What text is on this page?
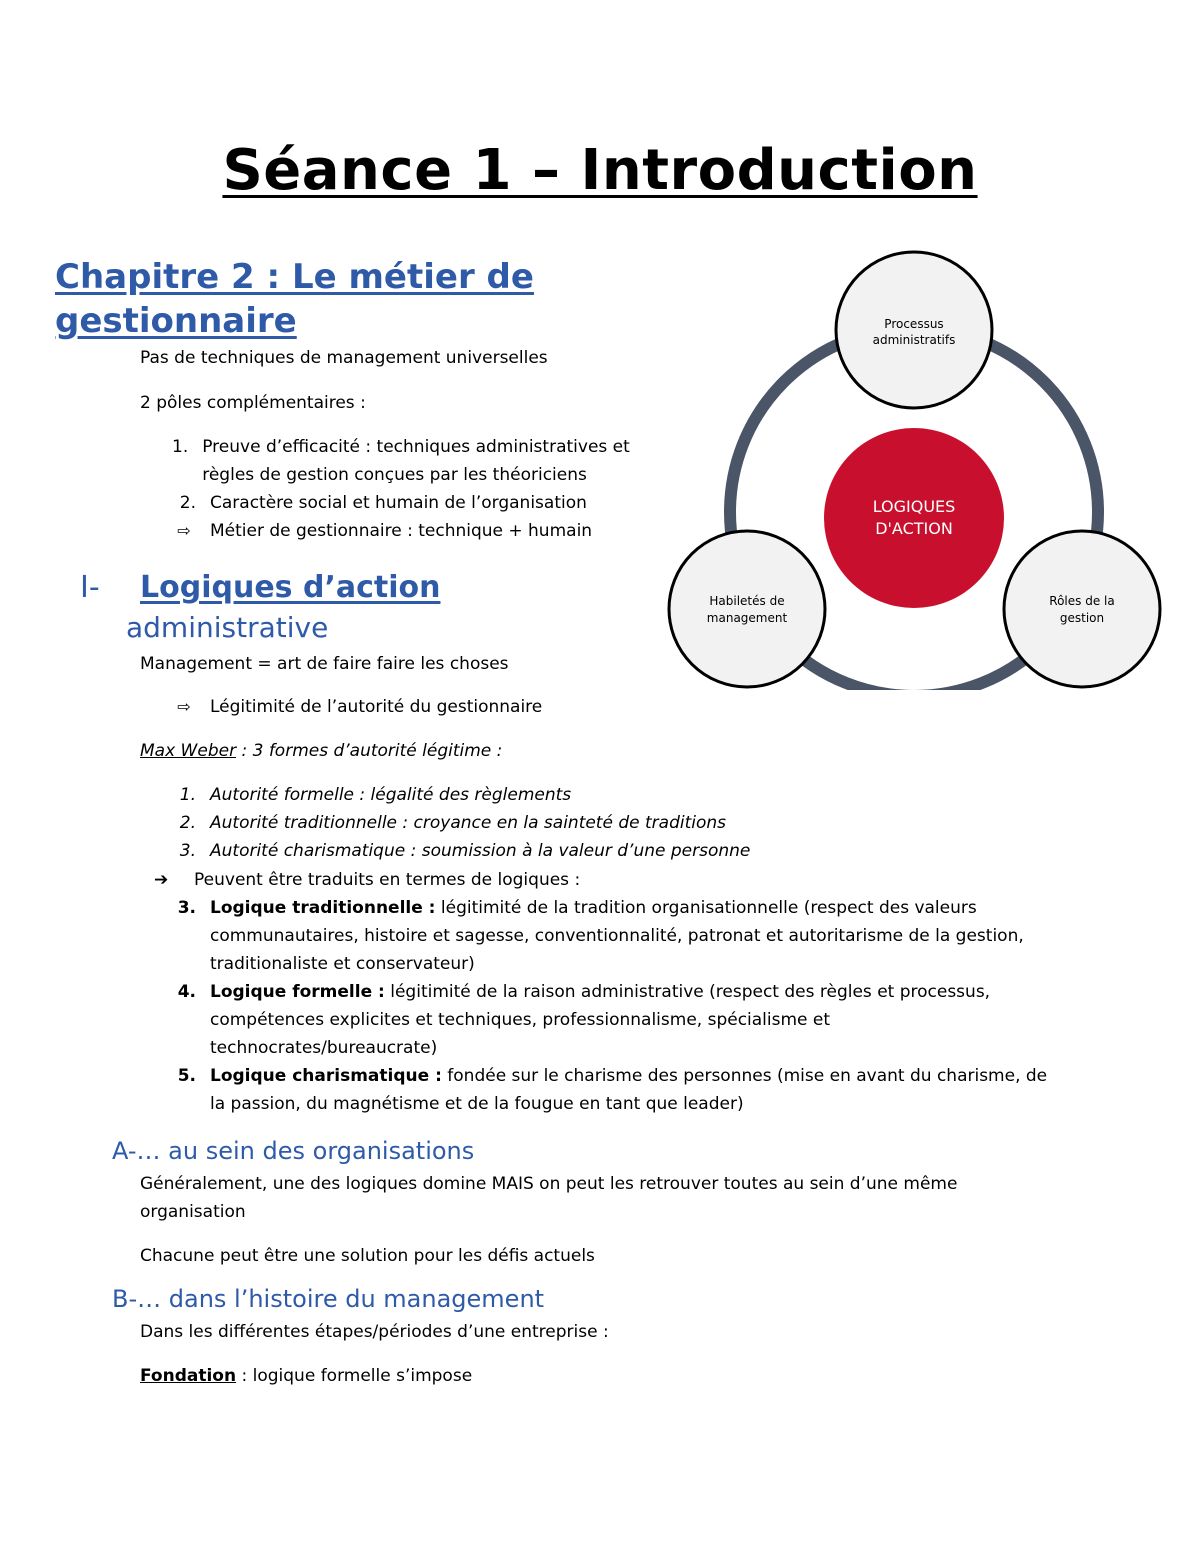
Séance 1 – Introduction
Chapitre 2 : Le métier de gestionnaire
Pas de techniques de management universelles
2 pôles complémentaires :
1. Preuve d’efficacité : techniques administratives et règles de gestion conçues par les théoriciens
2. Caractère social et humain de l’organisation
⇨	Métier de gestionnaire : technique + humain
I- Logiques d’action
administrative
Management = art de faire faire les choses
⇨	Légitimité de l’autorité du gestionnaire
Max Weber : 3 formes d’autorité légitime :
1. Autorité formelle : légalité des règlements
2. Autorité traditionnelle : croyance en la sainteté de traditions
3. Autorité charismatique : soumission à la valeur d’une personne
➔	Peuvent être traduits en termes de logiques :
3. Logique traditionnelle : légitimité de la tradition organisationnelle (respect des valeurs communautaires, histoire et sagesse, conventionnalité, patronat et autoritarisme de la gestion, traditionaliste et conservateur)
4. Logique formelle : légitimité de la raison administrative (respect des règles et processus, compétences explicites et techniques, professionnalisme, spécialisme et technocrates/bureaucrate)
5. Logique charismatique : fondée sur le charisme des personnes (mise en avant du charisme, de la passion, du magnétisme et de la fougue en tant que leader)
A-… au sein des organisations
Généralement, une des logiques domine MAIS on peut les retrouver toutes au sein d’une même organisation
Chacune peut être une solution pour les défis actuels
B-… dans l’histoire du management
Dans les différentes étapes/périodes d’une entreprise :
Fondation : logique formelle s’impose
LOGIQUES
D'ACTION
Processus
administratifs
Habiletés de
management
Rôles de la
gestion
